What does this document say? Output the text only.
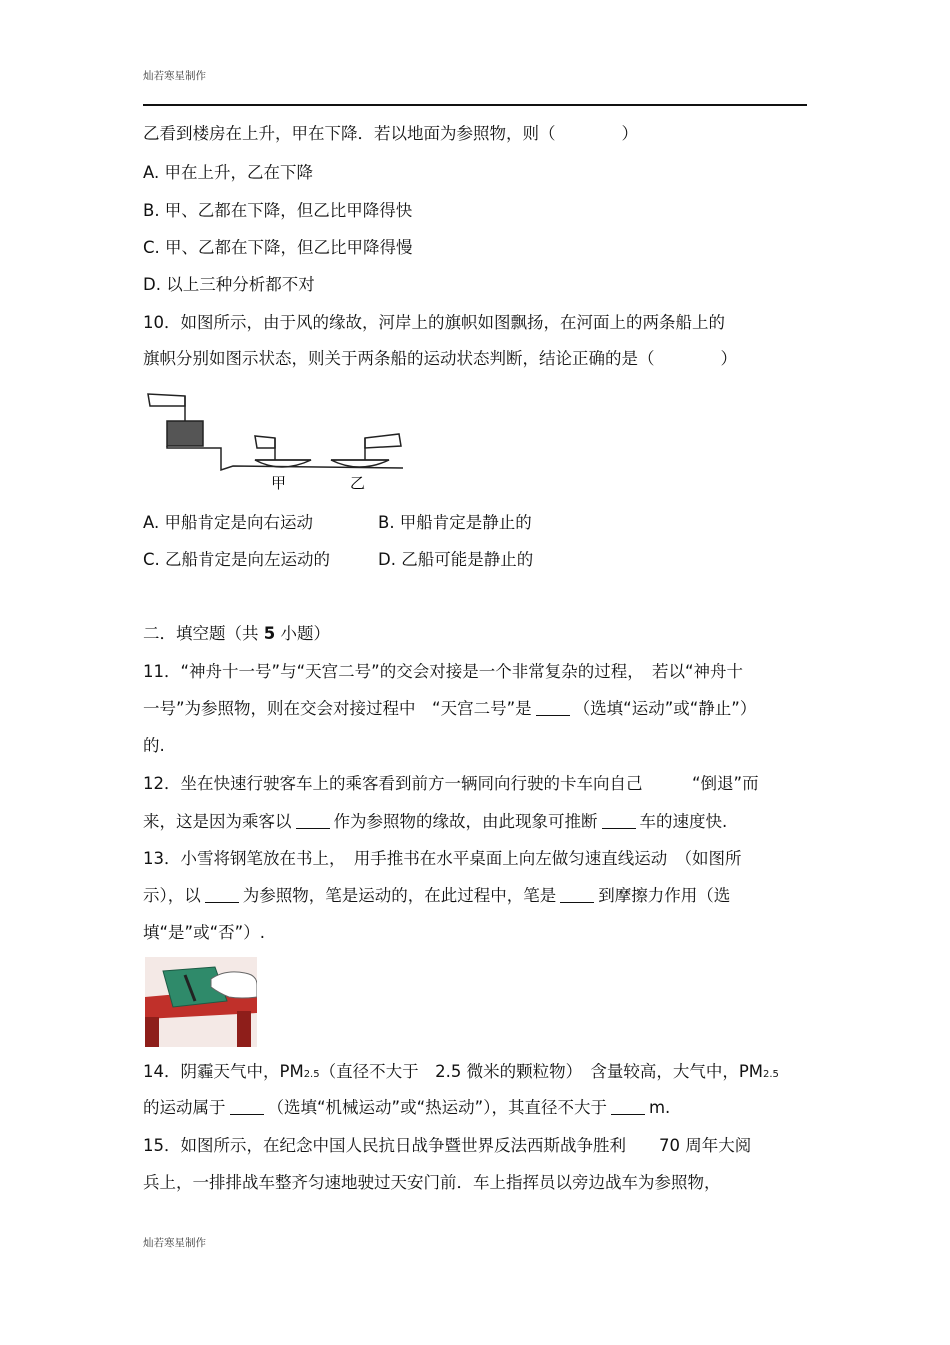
灿若寒星制作
乙看到楼房在上升，甲在下降．若以地面为参照物，则（　　　　）
A. 甲在上升，乙在下降
B. 甲、乙都在下降，但乙比甲降得快
C. 甲、乙都在下降，但乙比甲降得慢
D. 以上三种分析都不对
10．如图所示，由于风的缘故，河岸上的旗帜如图飘扬，在河面上的两条船上的
旗帜分别如图示状态，则关于两条船的运动状态判断，结论正确的是（　　　　）
甲	乙
A. 甲船肯定是向右运动	B. 甲船肯定是静止的
C. 乙船肯定是向左运动的	D. 乙船可能是静止的
二．填空题（共 5 小题）
11．“神舟十一号”与“天宫二号”的交会对接是一个非常复杂的过程，　若以“神舟十
一号”为参照物，则在交会对接过程中　“天宫二号”是	（选填“运动”或“静止”）
的.
12．坐在快速行驶客车上的乘客看到前方一辆同向行驶的卡车向自己　　　“倒退”而
来，这是因为乘客以	作为参照物的缘故，由此现象可推断	车的速度快.
13．小雪将钢笔放在书上，　用手推书在水平桌面上向左做匀速直线运动　（如图所
示），以	为参照物，笔是运动的，在此过程中，笔是	到摩擦力作用（选
填“是”或“否”）.
14．阴霾天气中，PM2.5（直径不大于　2.5 微米的颗粒物）　含量较高，大气中，PM2.5
的运动属于	（选填“机械运动”或“热运动”），其直径不大于	m.
15．如图所示，在纪念中国人民抗日战争暨世界反法西斯战争胜利　　70 周年大阅
兵上，一排排战车整齐匀速地驶过天安门前．车上指挥员以旁边战车为参照物，
灿若寒星制作
